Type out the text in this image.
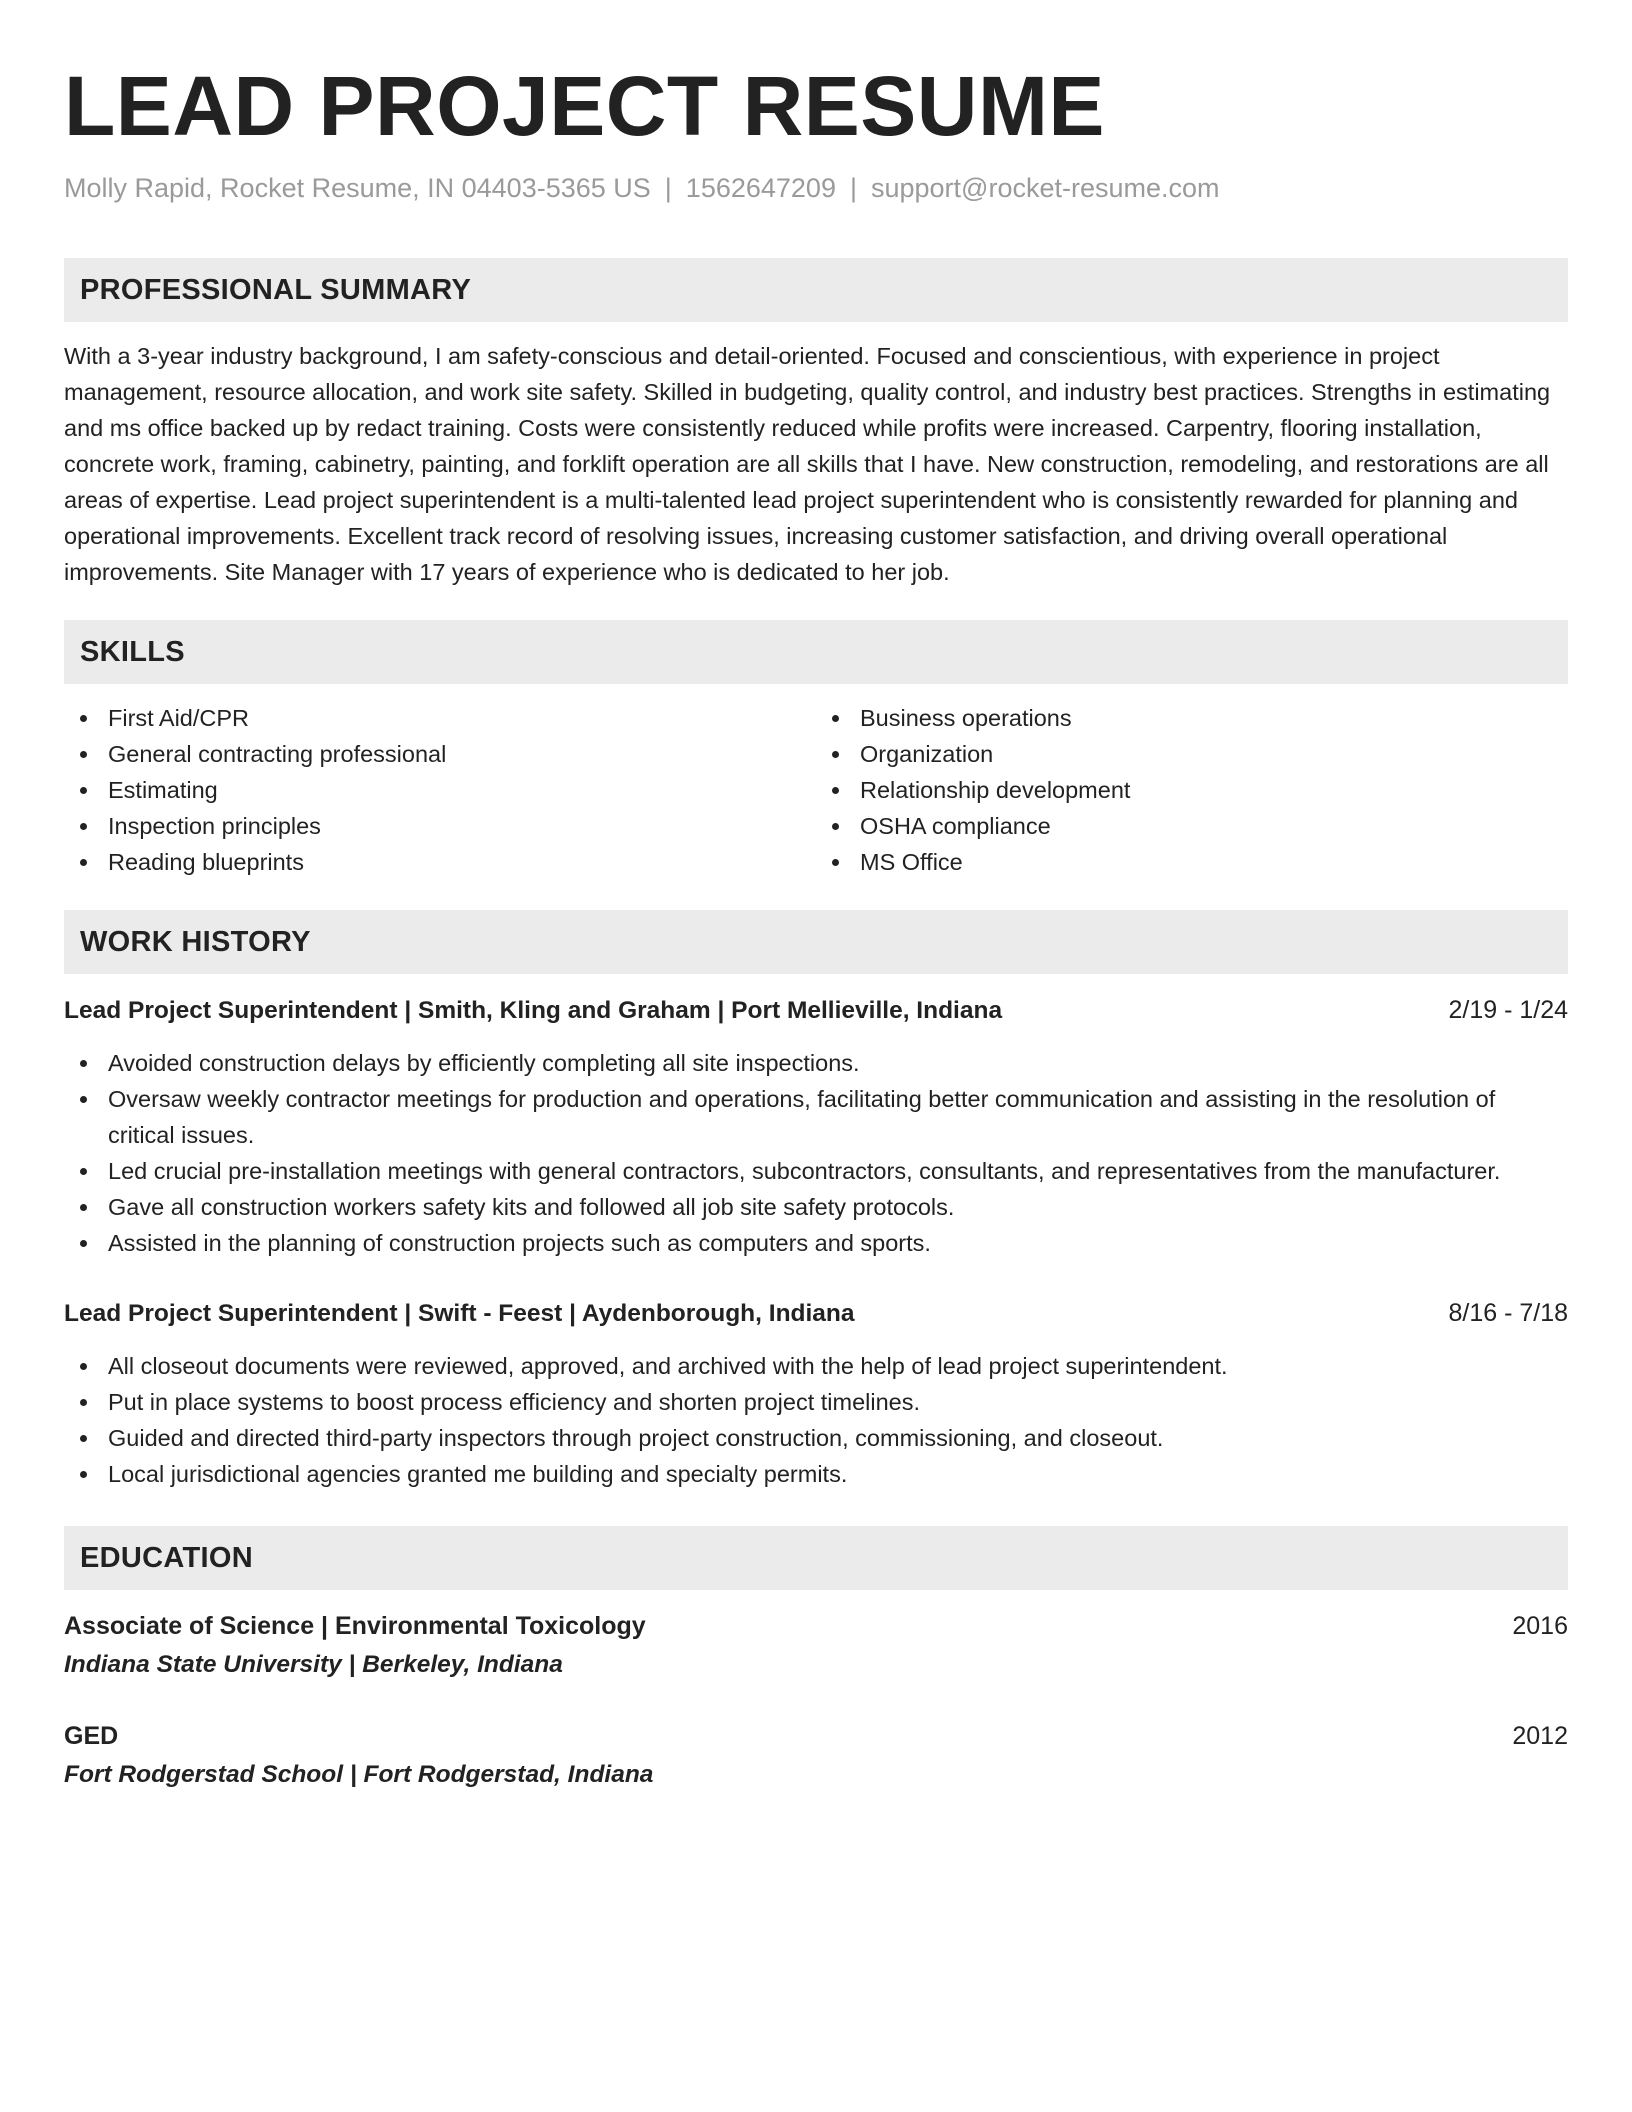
LEAD PROJECT RESUME
Molly Rapid, Rocket Resume, IN 04403-5365 US | 1562647209 | support@rocket-resume.com
PROFESSIONAL SUMMARY

With a 3-year industry background, I am safety-conscious and detail-oriented. Focused and conscientious, with experience in project management, resource allocation, and work site safety. Skilled in budgeting, quality control, and industry best practices. Strengths in estimating and ms office backed up by redact training. Costs were consistently reduced while profits were increased. Carpentry, flooring installation, concrete work, framing, cabinetry, painting, and forklift operation are all skills that I have. New construction, remodeling, and restorations are all areas of expertise. Lead project superintendent is a multi-talented lead project superintendent who is consistently rewarded for planning and operational improvements. Excellent track record of resolving issues, increasing customer satisfaction, and driving overall operational improvements. Site Manager with 17 years of experience who is dedicated to her job.

SKILLS
First Aid/CPR
General contracting professional
Estimating
Inspection principles
Reading blueprints
Business operations
Organization
Relationship development
OSHA compliance
MS Office
WORK HISTORY
Lead Project Superintendent | Smith, Kling and Graham | Port Mellieville, Indiana	2/19 - 1/24
Avoided construction delays by efficiently completing all site inspections.
Oversaw weekly contractor meetings for production and operations, facilitating better communication and assisting in the resolution of critical issues.
Led crucial pre-installation meetings with general contractors, subcontractors, consultants, and representatives from the manufacturer.
Gave all construction workers safety kits and followed all job site safety protocols.
Assisted in the planning of construction projects such as computers and sports.
Lead Project Superintendent | Swift - Feest | Aydenborough, Indiana	8/16 - 7/18
All closeout documents were reviewed, approved, and archived with the help of lead project superintendent.
Put in place systems to boost process efficiency and shorten project timelines.
Guided and directed third-party inspectors through project construction, commissioning, and closeout.
Local jurisdictional agencies granted me building and specialty permits.
EDUCATION
Associate of Science | Environmental Toxicology	2016
Indiana State University | Berkeley, Indiana
GED	2012
Fort Rodgerstad School | Fort Rodgerstad, Indiana
